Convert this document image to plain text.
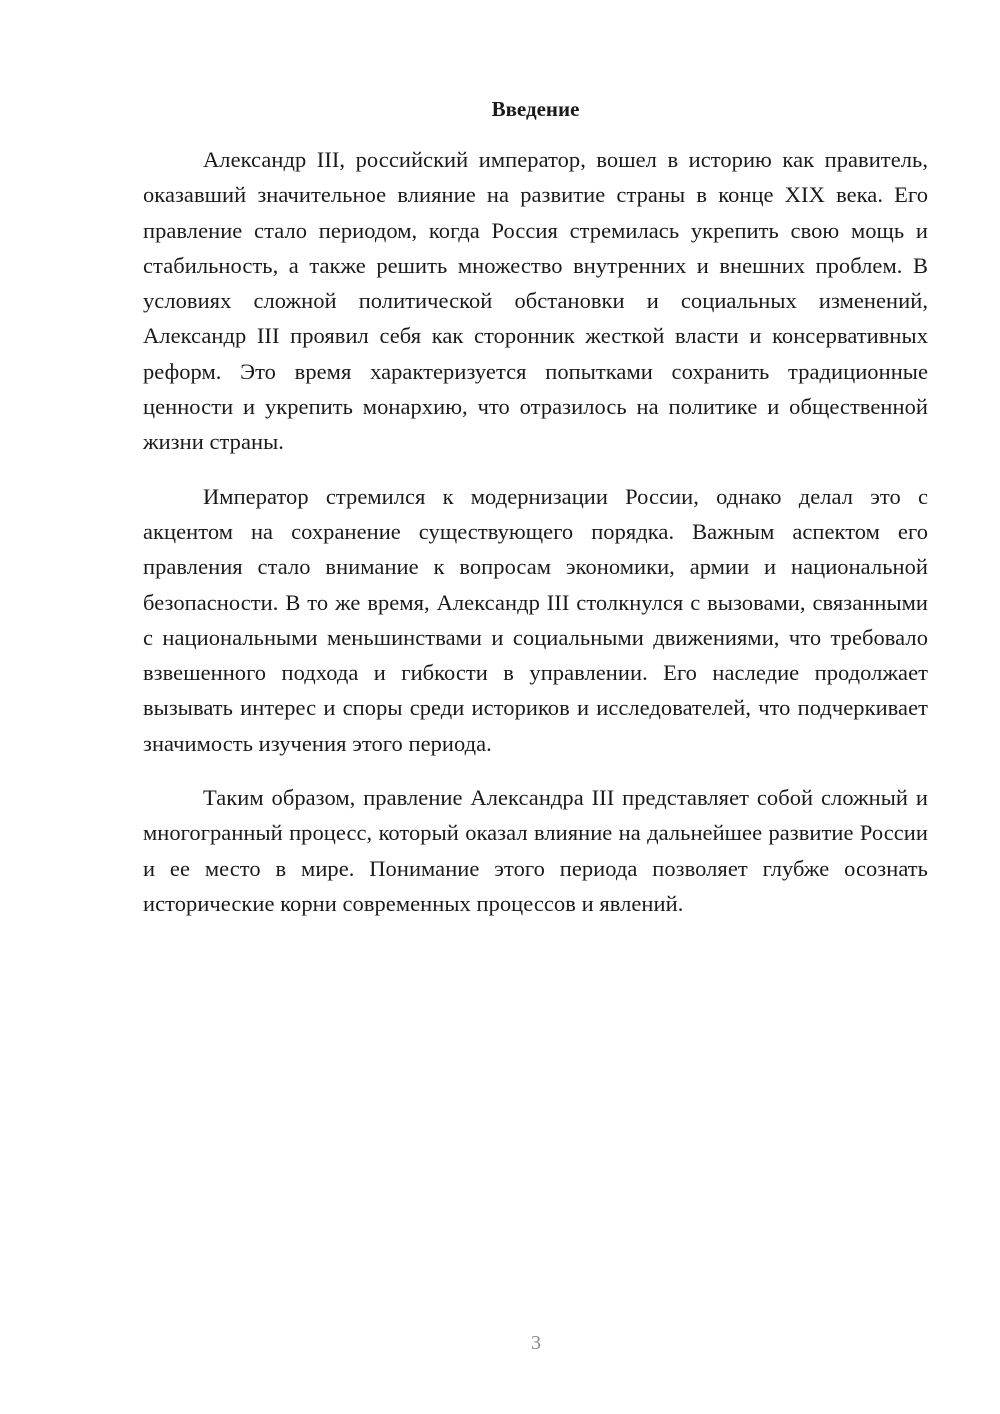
Введение

Александр III, российский император, вошел в историю как правитель, оказавший значительное влияние на развитие страны в конце XIX века. Его правление стало периодом, когда Россия стремилась укрепить свою мощь и стабильность, а также решить множество внутренних и внешних проблем. В условиях сложной политической обстановки и социальных изменений, Александр III проявил себя как сторонник жесткой власти и консервативных реформ. Это время характеризуется попытками сохранить традиционные ценности и укрепить монархию, что отразилось на политике и общественной жизни страны.

Император стремился к модернизации России, однако делал это с акцентом на сохранение существующего порядка. Важным аспектом его правления стало внимание к вопросам экономики, армии и национальной безопасности. В то же время, Александр III столкнулся с вызовами, связанными с национальными меньшинствами и социальными движениями, что требовало взвешенного подхода и гибкости в управлении. Его наследие продолжает вызывать интерес и споры среди историков и исследователей, что подчеркивает значимость изучения этого периода.

Таким образом, правление Александра III представляет собой сложный и многогранный процесс, который оказал влияние на дальнейшее развитие России и ее место в мире. Понимание этого периода позволяет глубже осознать исторические корни современных процессов и явлений.

3
